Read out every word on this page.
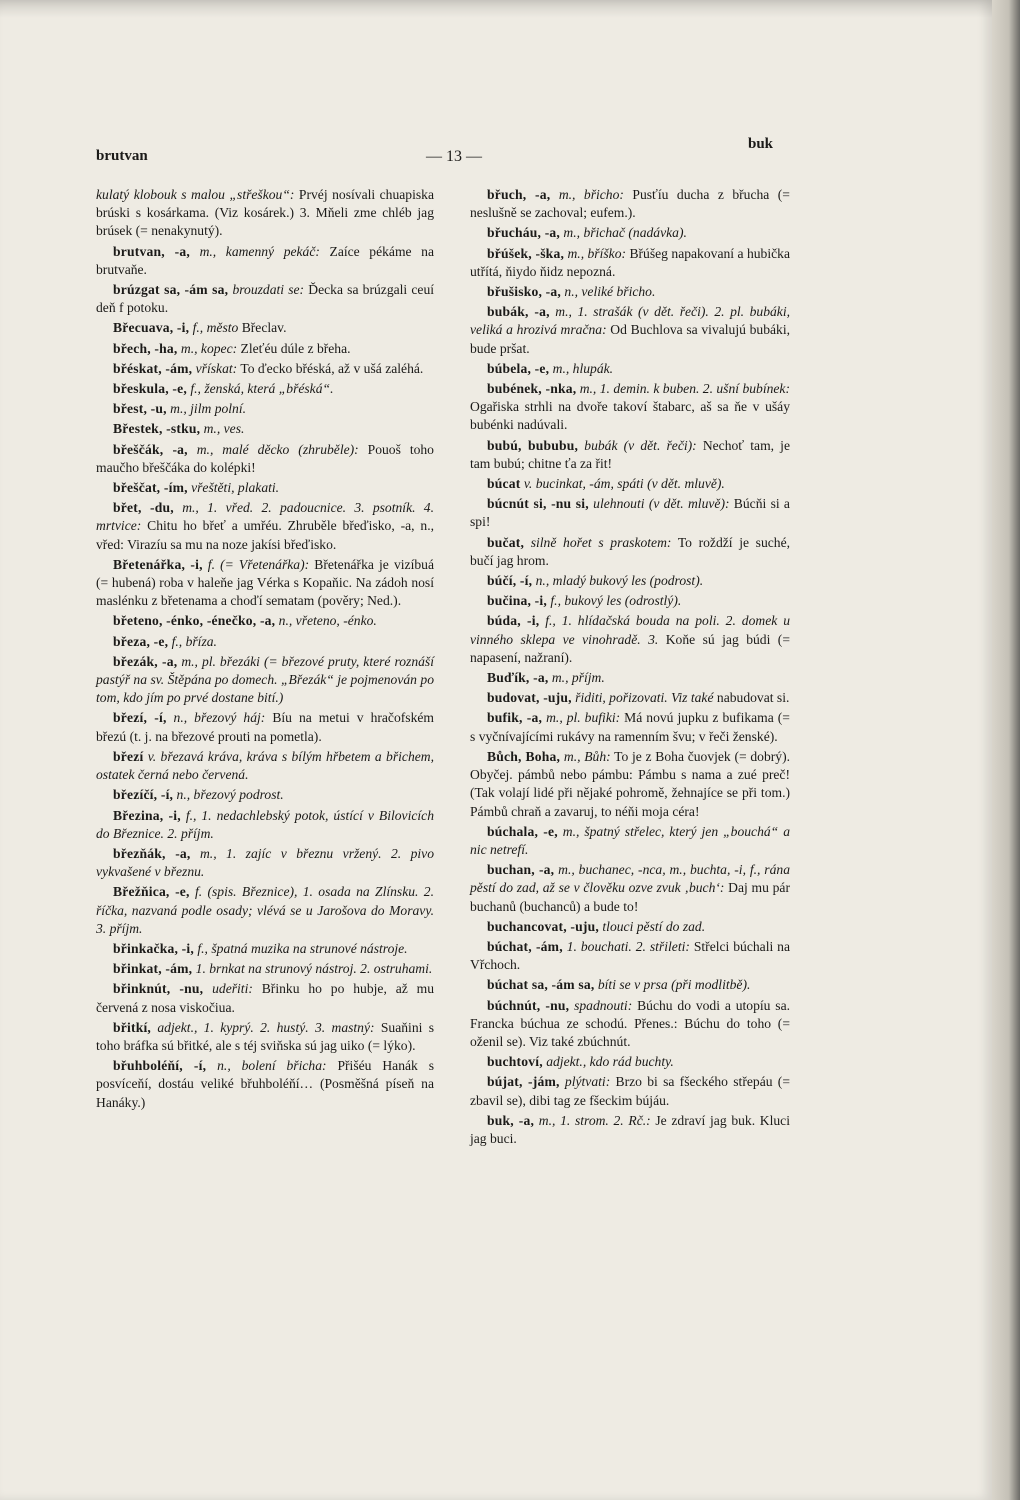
brutvan	— 13 —
buk

kulatý klobouk s malou „střeškou“: Prvéj nosívali chuapiska brúski s kosárkama. (Viz kosárek.) 3. Mňeli zme chléb jag brúsek (= nenakynutý).

brutvan, -a, m., kamenný pekáč: Zaíce pékáme na brutvaňe.

brúzgat sa, -ám sa, brouzdati se: Ďecka sa brúzgali ceuí deň f potoku.

Břecuava, -i, f., město Břeclav.

břech, -ha, m., kopec: Zleťéu dúle z břeha.

břéskat, -ám, vřískat: To ďecko břéská, až v ušá zaléhá.

břeskula, -e, f., ženská, která „břéská“.

břest, -u, m., jilm polní.

Břestek, -stku, m., ves.

břeščák, -a, m., malé děcko (zhruběle): Pouoš toho maučho břeščáka do kolépki!

břeščat, -ím, vřeštěti, plakati.

břet, -du, m., 1. vřed. 2. padoucnice. 3. psotník. 4. mrtvice: Chitu ho břeť a umřéu. Zhruběle břeďisko, -a, n., vřed: Virazíu sa mu na noze jakísi břeďisko.

Břetenářka, -i, f. (= Vřetenářka): Břetenářka je vizíbuá (= hubená) roba v haleňe jag Vérka s Kopaňic. Na zádoh nosí maslénku z břetenama a choďí sematam (pověry; Ned.).

břeteno, -énko, -énečko, -a, n., vřeteno, -énko.

březa, -e, f., bříza.

březák, -a, m., pl. březáki (= březové pruty, které roznáší pastýř na sv. Štěpána po domech. „Březák“ je pojmenován po tom, kdo jím po prvé dostane bití.)

březí, -í, n., březový háj: Bíu na metui v hračofském březú (t. j. na březové prouti na pometla).

březí v. březavá kráva, kráva s bílým hřbetem a břichem, ostatek černá nebo červená.

březíčí, -í, n., březový podrost.

Březina, -i, f., 1. nedachlebský potok, ústící v Bilovicích do Březnice. 2. příjm.

březňák, -a, m., 1. zajíc v březnu vržený. 2. pivo vykvašené v březnu.

Břežňica, -e, f. (spis. Březnice), 1. osada na Zlínsku. 2. říčka, nazvaná podle osady; vlévá se u Jarošova do Moravy. 3. příjm.

břinkačka, -i, f., špatná muzika na strunové nástroje.

břinkat, -ám, 1. brnkat na strunový nástroj. 2. ostruhami.

břinknút, -nu, udeřiti: Břinku ho po hubje, až mu červená z nosa viskočiua.

břitkí, adjekt., 1. kyprý. 2. hustý. 3. mastný: Suaňini s toho bráfka sú břitké, ale s téj sviňska sú jag uiko (= lýko).

břuhboléňí, -í, n., bolení břicha: Přišéu Hanák s posvíceňí, dostáu veliké břuhboléňí… (Posměšná píseň na Hanáky.)

břuch, -a, m., břicho: Pusťíu ducha z břucha (= neslušně se zachoval; eufem.).

břucháu, -a, m., břichač (nadávka).

břúšek, -ška, m., bříško: Břúšeg napakovaní a hubička utřítá, ňiydo ňidz nepozná.

břušisko, -a, n., veliké břicho.

bubák, -a, m., 1. strašák (v dět. řeči). 2. pl. bubáki, veliká a hrozivá mračna: Od Buchlova sa vivalujú bubáki, bude pršat.

búbela, -e, m., hlupák.

bubének, -nka, m., 1. demin. k buben. 2. ušní bubínek: Ogařiska strhli na dvoře takoví štabarc, aš sa ňe v ušáy bubénki nadúvali.

bubú, bububu, bubák (v dět. řeči): Nechoť tam, je tam bubú; chitne ťa za řit!

búcat v. bucinkat, -ám, spáti (v dět. mluvě).

búcnút si, -nu si, ulehnouti (v dět. mluvě): Búcňi si a spi!

bučat, silně hořet s praskotem: To roždží je suché, bučí jag hrom.

búčí, -í, n., mladý bukový les (podrost).

bučina, -i, f., bukový les (odrostlý).

búda, -i, f., 1. hlídačská bouda na poli. 2. domek u vinného sklepa ve vinohradě. 3. Koňe sú jag búdi (= napasení, nažraní).

Buďík, -a, m., příjm.

budovat, -uju, řiditi, pořizovati. Viz také nabudovat si.

bufik, -a, m., pl. bufiki: Má novú jupku z bufikama (= s vyčnívajícími rukávy na ramenním švu; v řeči ženské).

Bůch, Boha, m., Bůh: To je z Boha čuovjek (= dobrý). Obyčej. pámbů nebo pámbu: Pámbu s nama a zué preč! (Tak volají lidé při nějaké pohromě, žehnajíce se při tom.) Pámbů chraň a zavaruj, to néňi moja céra!

búchala, -e, m., špatný střelec, který jen „bouchá“ a nic netrefí.

buchan, -a, m., buchanec, -nca, m., buchta, -i, f., rána pěstí do zad, až se v člověku ozve zvuk ‚buch‘: Daj mu pár buchanů (buchanců) a bude to!

buchancovat, -uju, tlouci pěstí do zad.

búchat, -ám, 1. bouchati. 2. střileti: Střelci búchali na Vřchoch.

búchat sa, -ám sa, bíti se v prsa (při modlitbě).

búchnút, -nu, spadnouti: Búchu do vodi a utopíu sa. Francka búchua ze schodú. Přenes.: Búchu do toho (= oženil se). Viz také zbúchnút.

buchtoví, adjekt., kdo rád buchty.

bújat, -jám, plýtvati: Brzo bi sa fšeckého střepáu (= zbavil se), dibi tag ze fšeckim bújáu.

buk, -a, m., 1. strom. 2. Rč.: Je zdraví jag buk. Kluci jag buci.
